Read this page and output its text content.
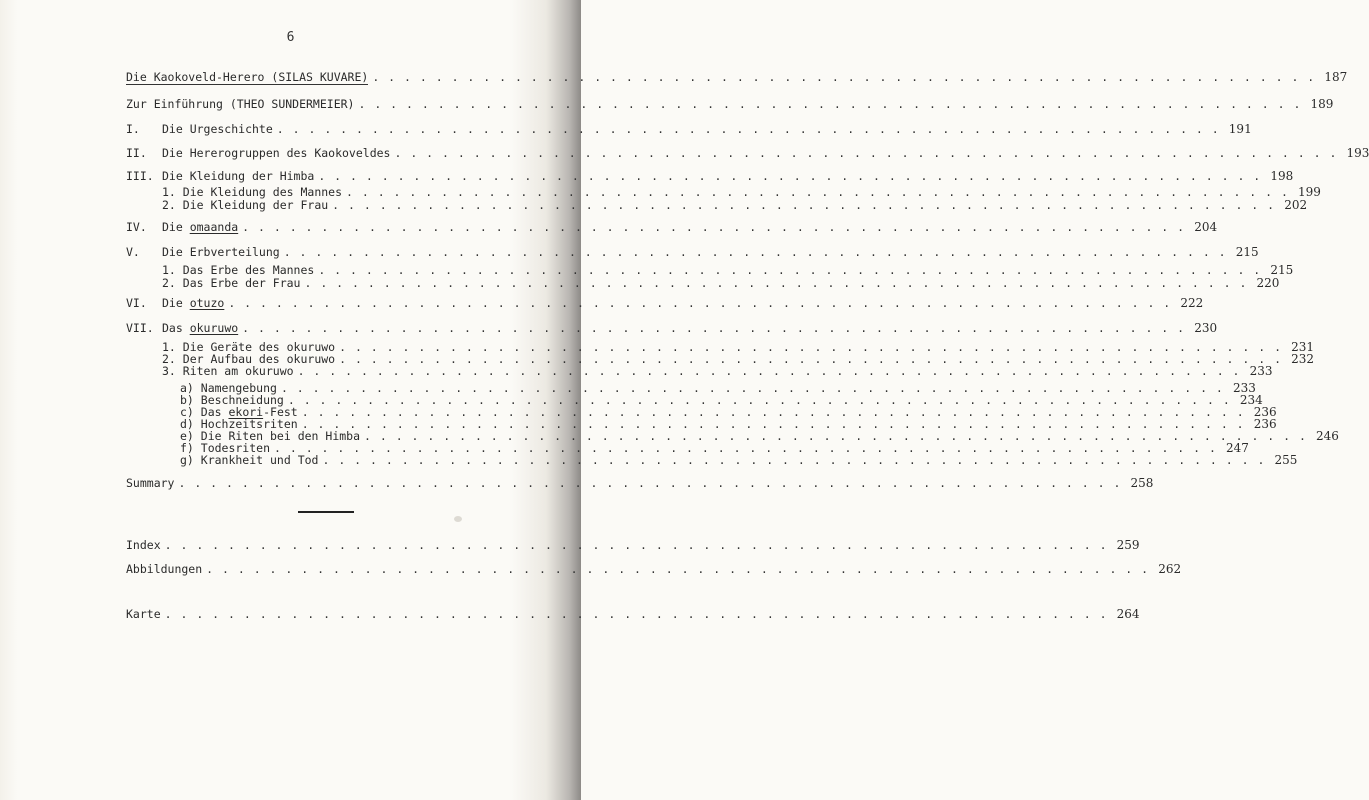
6
Die Kaokoveld-Herero (SILAS KUVARE) . . . . . . . . . . . . . . . . . . . . . . . . . . . . . . . . . . . . . . . . . . . . . . . . . . . . . . . . . . . . 187
Zur Einführung (THEO SUNDERMEIER) . . . . . . . . . . . . . . . . . . . . . . . . . . . . . . . . . . . . . . . . . . . . . . . . . . . . . . . . . . . . 189
I. Die Urgeschichte . . . . . . . . . . . . . . . . . . . . . . . . . . . . . . . . . . . . . . . . . . . . . . . . . . . . . . . . . . . . 191
II. Die Hererogruppen des Kaokoveldes . . . . . . . . . . . . . . . . . . . . . . . . . . . . . . . . . . . . . . . . . . . . . . . . . . . . . . . . . . . . 193
III. Die Kleidung der Himba . . . . . . . . . . . . . . . . . . . . . . . . . . . . . . . . . . . . . . . . . . . . . . . . . . . . . . . . . . . . 198
1. Die Kleidung des Mannes . . . . . . . . . . . . . . . . . . . . . . . . . . . . . . . . . . . . . . . . . . . . . . . . . . . . . . . . . . . . 199
2. Die Kleidung der Frau . . . . . . . . . . . . . . . . . . . . . . . . . . . . . . . . . . . . . . . . . . . . . . . . . . . . . . . . . . . . 202
IV. Die omaanda . . . . . . . . . . . . . . . . . . . . . . . . . . . . . . . . . . . . . . . . . . . . . . . . . . . . . . . . . . . . 204
V. Die Erbverteilung . . . . . . . . . . . . . . . . . . . . . . . . . . . . . . . . . . . . . . . . . . . . . . . . . . . . . . . . . . . . 215
1. Das Erbe des Mannes . . . . . . . . . . . . . . . . . . . . . . . . . . . . . . . . . . . . . . . . . . . . . . . . . . . . . . . . . . . . 215
2. Das Erbe der Frau . . . . . . . . . . . . . . . . . . . . . . . . . . . . . . . . . . . . . . . . . . . . . . . . . . . . . . . . . . . . 220
VI. Die otuzo . . . . . . . . . . . . . . . . . . . . . . . . . . . . . . . . . . . . . . . . . . . . . . . . . . . . . . . . . . . . 222
VII. Das okuruwo . . . . . . . . . . . . . . . . . . . . . . . . . . . . . . . . . . . . . . . . . . . . . . . . . . . . . . . . . . . . 230
1. Die Geräte des okuruwo . . . . . . . . . . . . . . . . . . . . . . . . . . . . . . . . . . . . . . . . . . . . . . . . . . . . . . . . . . . . 231
2. Der Aufbau des okuruwo . . . . . . . . . . . . . . . . . . . . . . . . . . . . . . . . . . . . . . . . . . . . . . . . . . . . . . . . . . . . 232
3. Riten am okuruwo . . . . . . . . . . . . . . . . . . . . . . . . . . . . . . . . . . . . . . . . . . . . . . . . . . . . . . . . . . . . 233
a) Namengebung . . . . . . . . . . . . . . . . . . . . . . . . . . . . . . . . . . . . . . . . . . . . . . . . . . . . . . . . . . . . 233
b) Beschneidung . . . . . . . . . . . . . . . . . . . . . . . . . . . . . . . . . . . . . . . . . . . . . . . . . . . . . . . . . . . . 234
c) Das ekori-Fest . . . . . . . . . . . . . . . . . . . . . . . . . . . . . . . . . . . . . . . . . . . . . . . . . . . . . . . . . . . . 236
d) Hochzeitsriten . . . . . . . . . . . . . . . . . . . . . . . . . . . . . . . . . . . . . . . . . . . . . . . . . . . . . . . . . . . . 236
e) Die Riten bei den Himba . . . . . . . . . . . . . . . . . . . . . . . . . . . . . . . . . . . . . . . . . . . . . . . . . . . . . . . . . . . . 246
f) Todesriten . . . . . . . . . . . . . . . . . . . . . . . . . . . . . . . . . . . . . . . . . . . . . . . . . . . . . . . . . . . . 247
g) Krankheit und Tod . . . . . . . . . . . . . . . . . . . . . . . . . . . . . . . . . . . . . . . . . . . . . . . . . . . . . . . . . . . . 255
Summary . . . . . . . . . . . . . . . . . . . . . . . . . . . . . . . . . . . . . . . . . . . . . . . . . . . . . . . . . . . . 258
Index . . . . . . . . . . . . . . . . . . . . . . . . . . . . . . . . . . . . . . . . . . . . . . . . . . . . . . . . . . . . 259
Abbildungen . . . . . . . . . . . . . . . . . . . . . . . . . . . . . . . . . . . . . . . . . . . . . . . . . . . . . . . . . . . . 262
Karte . . . . . . . . . . . . . . . . . . . . . . . . . . . . . . . . . . . . . . . . . . . . . . . . . . . . . . . . . . . . 264
